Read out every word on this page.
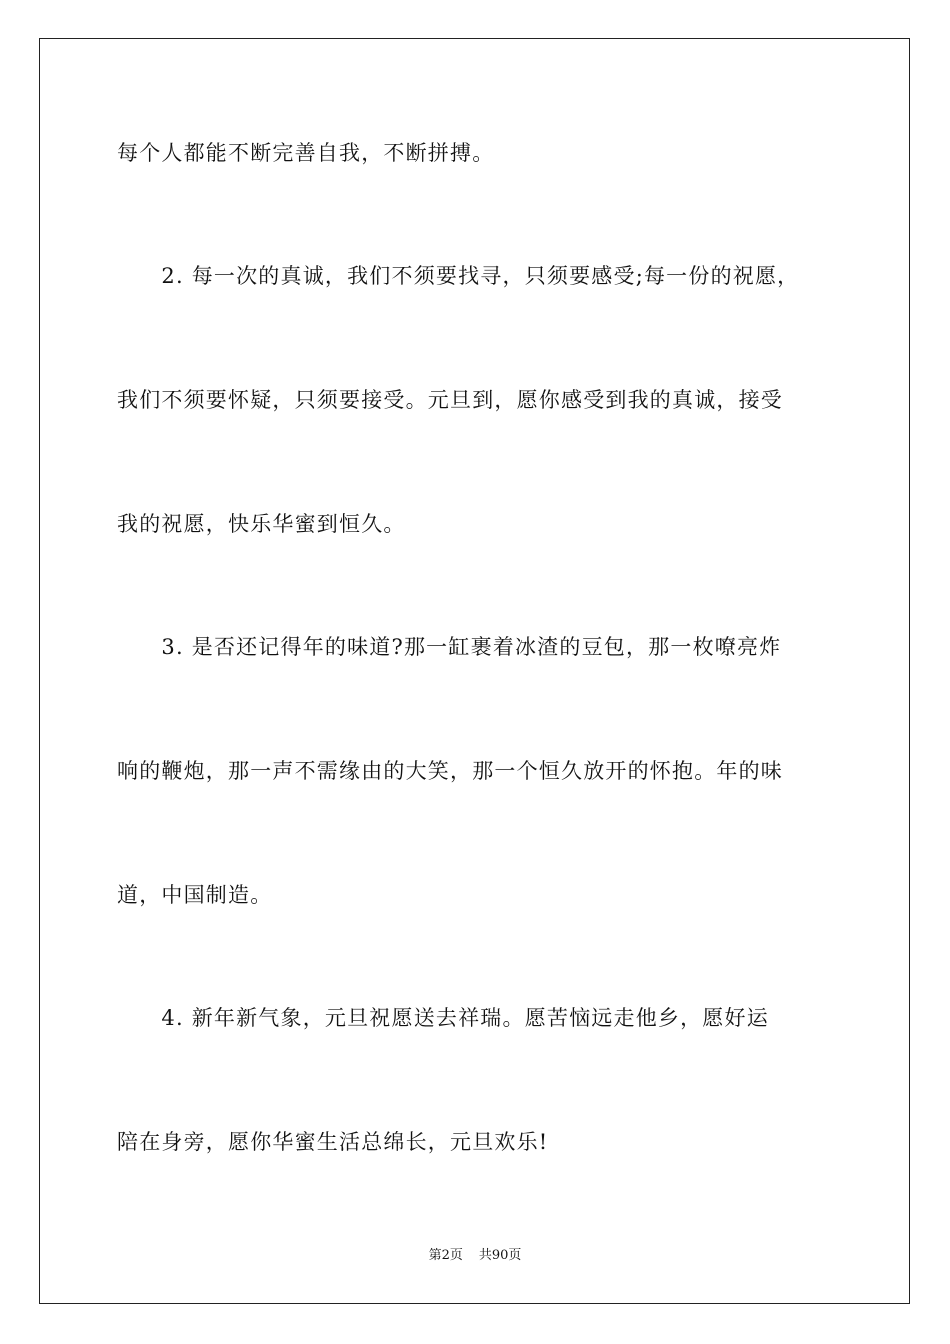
每个人都能不断完善自我，不断拼搏。
　　2. 每一次的真诚，我们不须要找寻，只须要感受;每一份的祝愿，
我们不须要怀疑，只须要接受。元旦到，愿你感受到我的真诚，接受
我的祝愿，快乐华蜜到恒久。
　　3. 是否还记得年的味道?那一缸裹着冰渣的豆包，那一枚嘹亮炸
响的鞭炮，那一声不需缘由的大笑，那一个恒久放开的怀抱。年的味
道，中国制造。
　　4. 新年新气象，元旦祝愿送去祥瑞。愿苦恼远走他乡，愿好运
陪在身旁，愿你华蜜生活总绵长，元旦欢乐!
第2页 共90页
